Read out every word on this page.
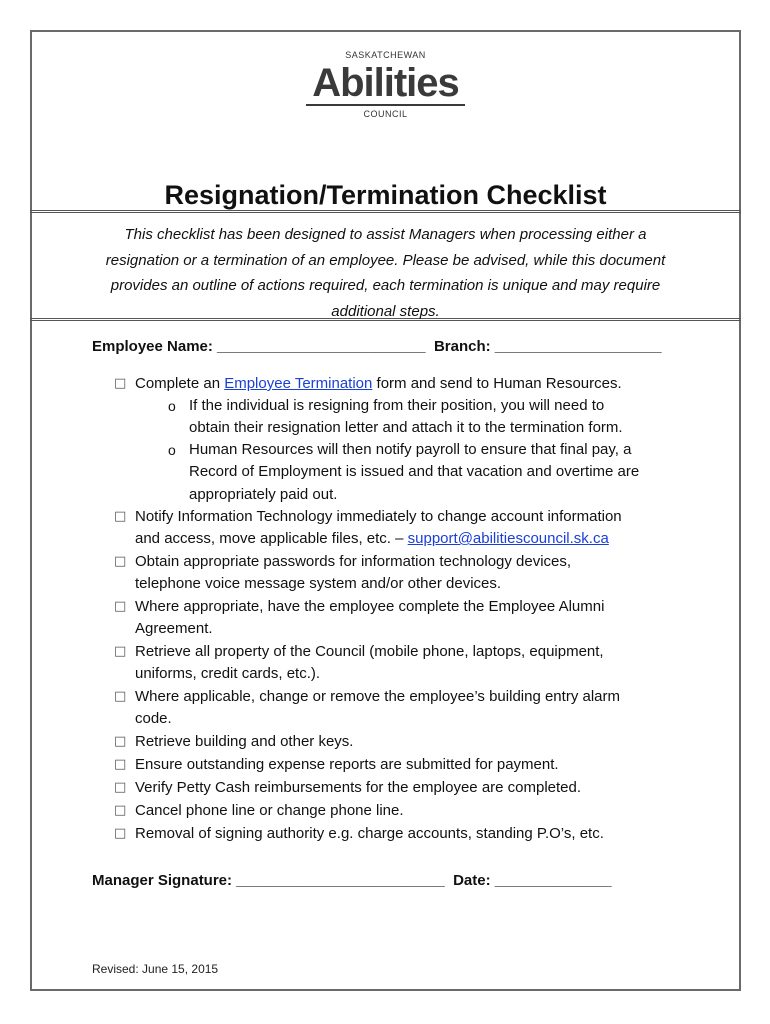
SASKATCHEWAN
Abilities
COUNCIL
Resignation/Termination Checklist
This checklist has been designed to assist Managers when processing either a resignation or a termination of an employee. Please be advised, while this document provides an outline of actions required, each termination is unique and may require additional steps.
Employee Name: _________________________  Branch: ____________________
□ Complete an Employee Termination form and send to Human Resources.
o If the individual is resigning from their position, you will need to
obtain their resignation letter and attach it to the termination form.
o Human Resources will then notify payroll to ensure that final pay, a
Record of Employment is issued and that vacation and overtime are
appropriately paid out.
□ Notify Information Technology immediately to change account information
and access, move applicable files, etc. – support@abilitiescouncil.sk.ca
□ Obtain appropriate passwords for information technology devices,
telephone voice message system and/or other devices.
□ Where appropriate, have the employee complete the Employee Alumni
Agreement.
□ Retrieve all property of the Council (mobile phone, laptops, equipment,
uniforms, credit cards, etc.).
□ Where applicable, change or remove the employee’s building entry alarm
code.
□ Retrieve building and other keys.
□ Ensure outstanding expense reports are submitted for payment.
□ Verify Petty Cash reimbursements for the employee are completed.
□ Cancel phone line or change phone line.
□ Removal of signing authority e.g. charge accounts, standing P.O’s, etc.
Manager Signature: _________________________  Date: ______________
Revised: June 15, 2015
